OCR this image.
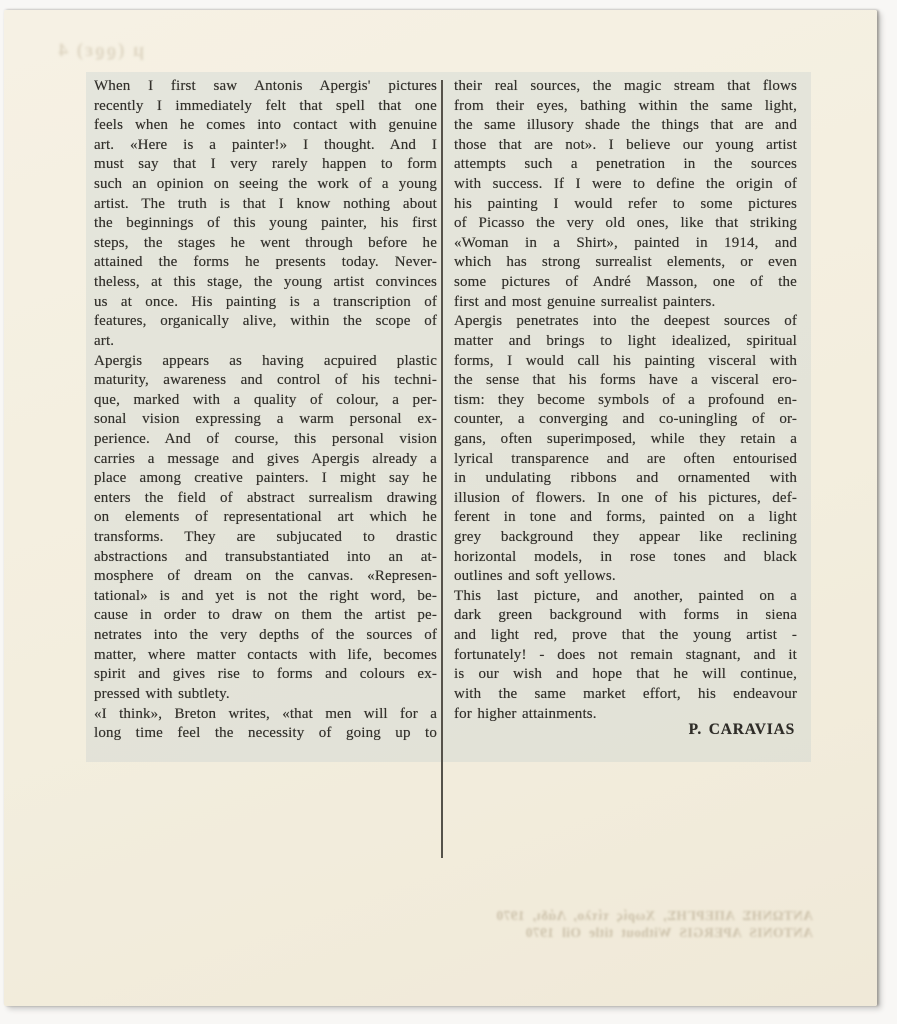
μ (ϱϱε) 4
When I first saw Antonis Apergis' pictures
recently I immediately felt that spell that one
feels when he comes into contact with genuine
art. «Here is a painter!» I thought. And I
must say that I very rarely happen to form
such an opinion on seeing the work of a young
artist. The truth is that I know nothing about
the beginnings of this young painter, his first
steps, the stages he went through before he
attained the forms he presents today. Never-
theless, at this stage, the young artist convinces
us at once. His painting is a transcription of
features, organically alive, within the scope of
art.
Apergis appears as having acpuired plastic
maturity, awareness and control of his techni-
que, marked with a quality of colour, a per-
sonal vision expressing a warm personal ex-
perience. And of course, this personal vision
carries a message and gives Apergis already a
place among creative painters. I might say he
enters the field of abstract surrealism drawing
on elements of representational art which he
transforms. They are subjucated to drastic
abstractions and transubstantiated into an at-
mosphere of dream on the canvas. «Represen-
tational» is and yet is not the right word, be-
cause in order to draw on them the artist pe-
netrates into the very depths of the sources of
matter, where matter contacts with life, becomes
spirit and gives rise to forms and colours ex-
pressed with subtlety.
«I think», Breton writes, «that men will for a
long time feel the necessity of going up to
their real sources, the magic stream that flows
from their eyes, bathing within the same light,
the same illusory shade the things that are and
those that are not». I believe our young artist
attempts such a penetration in the sources
with success. If I were to define the origin of
his painting I would refer to some pictures
of Picasso the very old ones, like that striking
«Woman in a Shirt», painted in 1914, and
which has strong surrealist elements, or even
some pictures of André Masson, one of the
first and most genuine surrealist painters.
Apergis penetrates into the deepest sources of
matter and brings to light idealized, spiritual
forms, I would call his painting visceral with
the sense that his forms have a visceral ero-
tism: they become symbols of a profound en-
counter, a converging and co-uningling of or-
gans, often superimposed, while they retain a
lyrical transparence and are often entourised
in undulating ribbons and ornamented with
illusion of flowers. In one of his pictures, def-
ferent in tone and forms, painted on a light
grey background they appear like reclining
horizontal models, in rose tones and black
outlines and soft yellows.
This last picture, and another, painted on a
dark green background with forms in siena
and light red, prove that the young artist -
fortunately! - does not remain stagnant, and it
is our wish and hope that he will continue,
with the same market effort, his endeavour
for higher attainments.
P. CARAVIAS
ΑΝΤΩΝΗΣ ΑΠΕΡΓΗΣ, Χωρίς τίτλο, Λάδι, 1970
ANTONIS APERGIS Without title Oil 1970
